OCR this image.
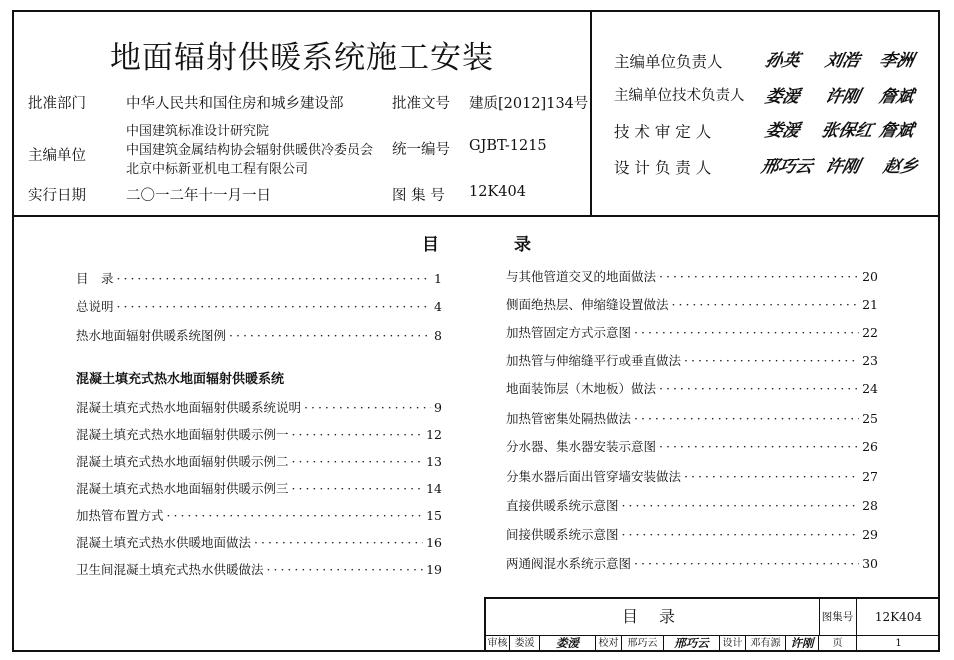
地面辐射供暖系统施工安装
批准部门	中华人民共和国住房和城乡建设部	批准文号 建质[2012]134号
主编单位
中国建筑标准设计研究院
中国建筑金属结构协会辐射供暖供冷委员会
北京中标新亚机电工程有限公司
统一编号 GJBT-1215
实行日期	二〇一二年十一月一日	图 集 号 12K404
主编单位负责人 孙英 刘浩 李洲
主编单位技术负责人 娄湲 许刚 詹斌
技 术 审 定 人	娄湲 张保红 詹斌
设 计 负 责 人	邢巧云 许刚 赵乡
目	录
目　录 ·····	1
总说明 ·····	4
热水地面辐射供暖系统图例 ·····	8
混凝土填充式热水地面辐射供暖系统
混凝土填充式热水地面辐射供暖系统说明 ·····	9
混凝土填充式热水地面辐射供暖示例一 ·····	12
混凝土填充式热水地面辐射供暖示例二 ·····	13
混凝土填充式热水地面辐射供暖示例三 ·····	14
加热管布置方式 ·····	15
混凝土填充式热水供暖地面做法 ·····	16
卫生间混凝土填充式热水供暖做法 ·····	19
与其他管道交叉的地面做法 ·····	20
侧面绝热层、伸缩缝设置做法 ·····	21
加热管固定方式示意图 ·····	22
加热管与伸缩缝平行或垂直做法 ·····	23
地面装饰层（木地板）做法 ·····	24
加热管密集处隔热做法 ·····	25
分水器、集水器安装示意图 ·····	26
分集水器后面出管穿墙安装做法 ·····	27
直接供暖系统示意图 ·····	28
间接供暖系统示意图 ·····	29
两通阀混水系统示意图 ·····	30
目 录	图集号	12K404
审核 娄湲	娄湲	校对 邢巧云	邢巧云	设计 邓有源 许刚	页	1
